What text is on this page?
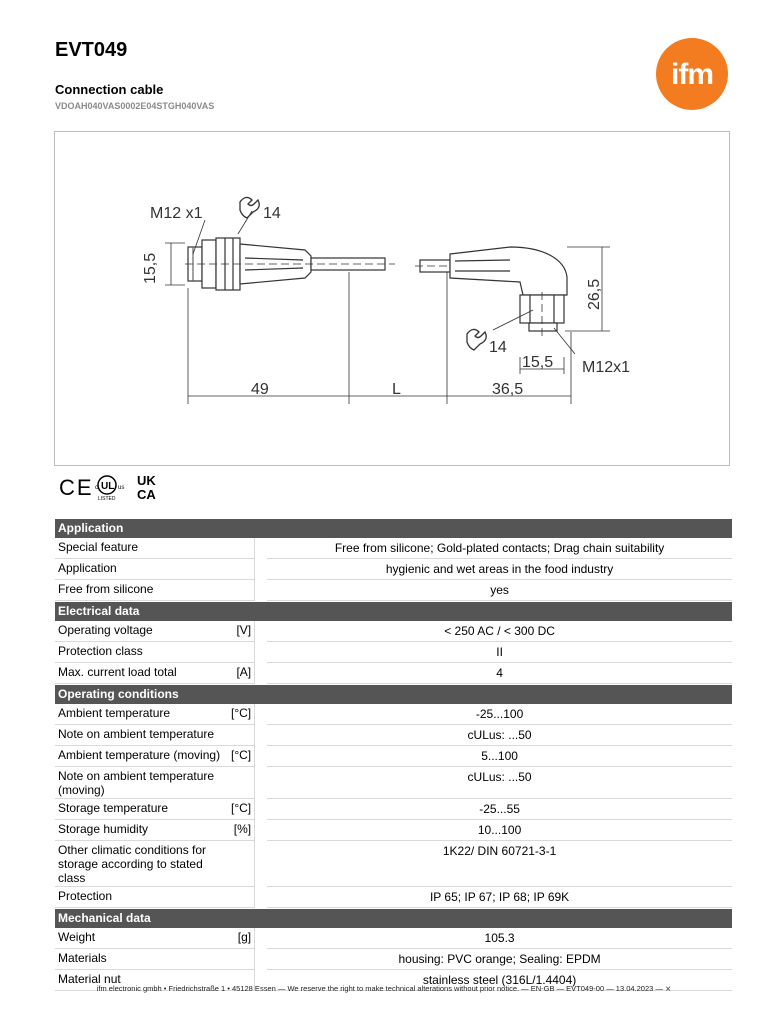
EVT049
Connection cable
VDOAH040VAS0002E04STGH040VAS
ifm
M12 x1	14
15,5
49	L	36,5
15,5
26,5
14
M12x1
CE c UL us
LISTED
UK
CA
Application			
Special feature			Free from silicone; Gold-plated contacts; Drag chain suitability
Application			hygienic and wet areas in the food industry
Free from silicone			yes
Electrical data			
Operating voltage	[V]		< 250 AC / < 300 DC
Protection class			II
Max. current load total	[A]		4
Operating conditions			
Ambient temperature	[°C]		-25...100
Note on ambient temperature			cULus: ...50
Ambient temperature (moving)	[°C]		5...100
Note on ambient temperature (moving)			cULus: ...50
Storage temperature	[°C]		-25...55
Storage humidity	[%]		10...100
Other climatic conditions for storage according to stated class			1K22/ DIN 60721-3-1
Protection			IP 65; IP 67; IP 68; IP 69K
Mechanical data			
Weight	[g]		105.3
Materials			housing: PVC orange; Sealing: EPDM
Material nut			stainless steel (316L/1.4404)
ifm electronic gmbh • Friedrichstraße 1 • 45128 Essen — We reserve the right to make technical alterations without prior notice. — EN-GB — EVT049-00 — 13.04.2023 — ⨯
